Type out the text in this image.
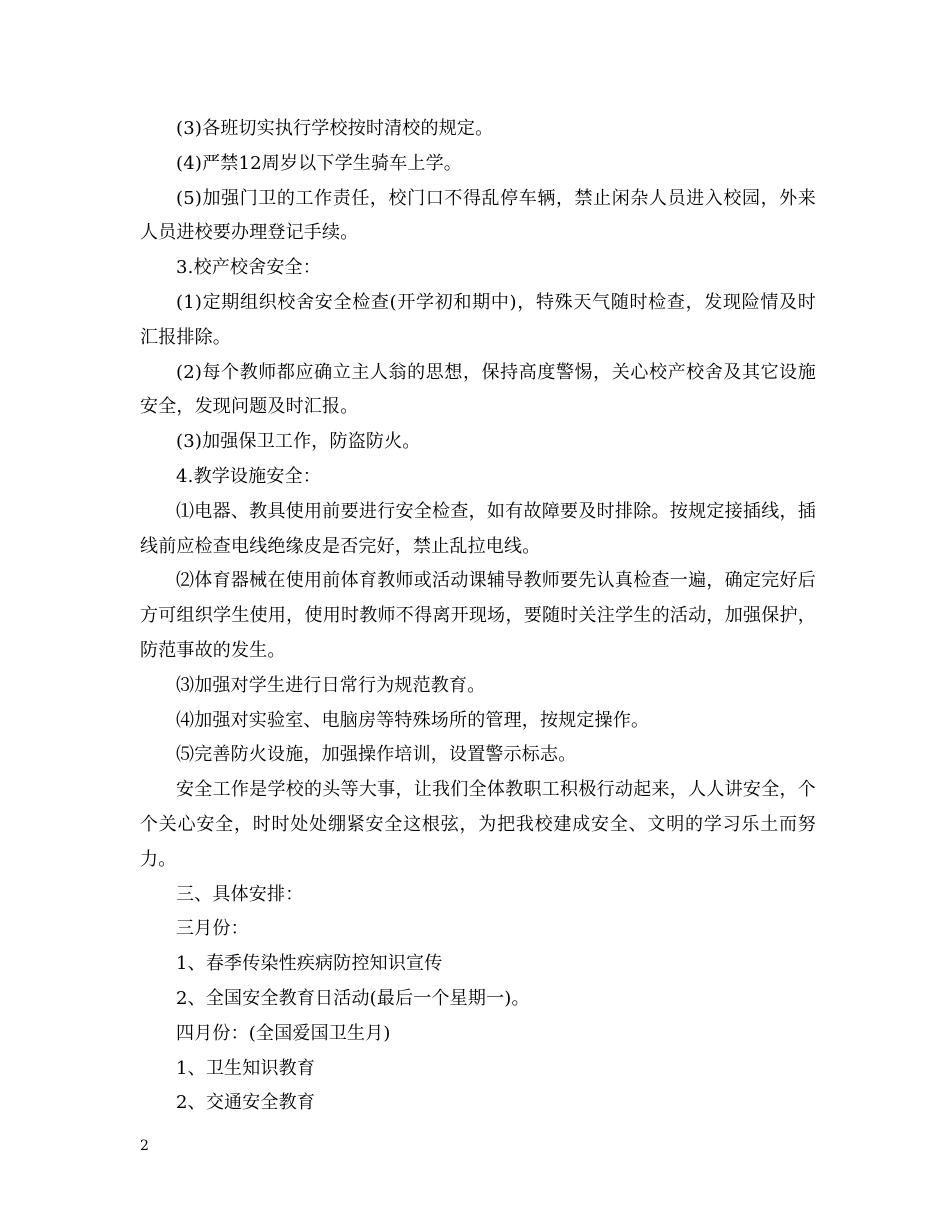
(3)各班切实执行学校按时清校的规定。

(4)严禁12周岁以下学生骑车上学。

(5)加强门卫的工作责任，校门口不得乱停车辆，禁止闲杂人员进入校园，外来人员进校要办理登记手续。

3.校产校舍安全：

(1)定期组织校舍安全检查(开学初和期中)，特殊天气随时检查，发现险情及时汇报排除。

(2)每个教师都应确立主人翁的思想，保持高度警惕，关心校产校舍及其它设施安全，发现问题及时汇报。

(3)加强保卫工作，防盗防火。

4.教学设施安全：

⑴电器、教具使用前要进行安全检查，如有故障要及时排除。按规定接插线，插线前应检查电线绝缘皮是否完好，禁止乱拉电线。

⑵体育器械在使用前体育教师或活动课辅导教师要先认真检查一遍，确定完好后方可组织学生使用，使用时教师不得离开现场，要随时关注学生的活动，加强保护，防范事故的发生。

⑶加强对学生进行日常行为规范教育。

⑷加强对实验室、电脑房等特殊场所的管理，按规定操作。

⑸完善防火设施，加强操作培训，设置警示标志。

安全工作是学校的头等大事，让我们全体教职工积极行动起来，人人讲安全，个个关心安全，时时处处绷紧安全这根弦，为把我校建成安全、文明的学习乐土而努力。

三、具体安排：

三月份：

1、春季传染性疾病防控知识宣传

2、全国安全教育日活动(最后一个星期一)。

四月份：(全国爱国卫生月)

1、卫生知识教育

2、交通安全教育

2
